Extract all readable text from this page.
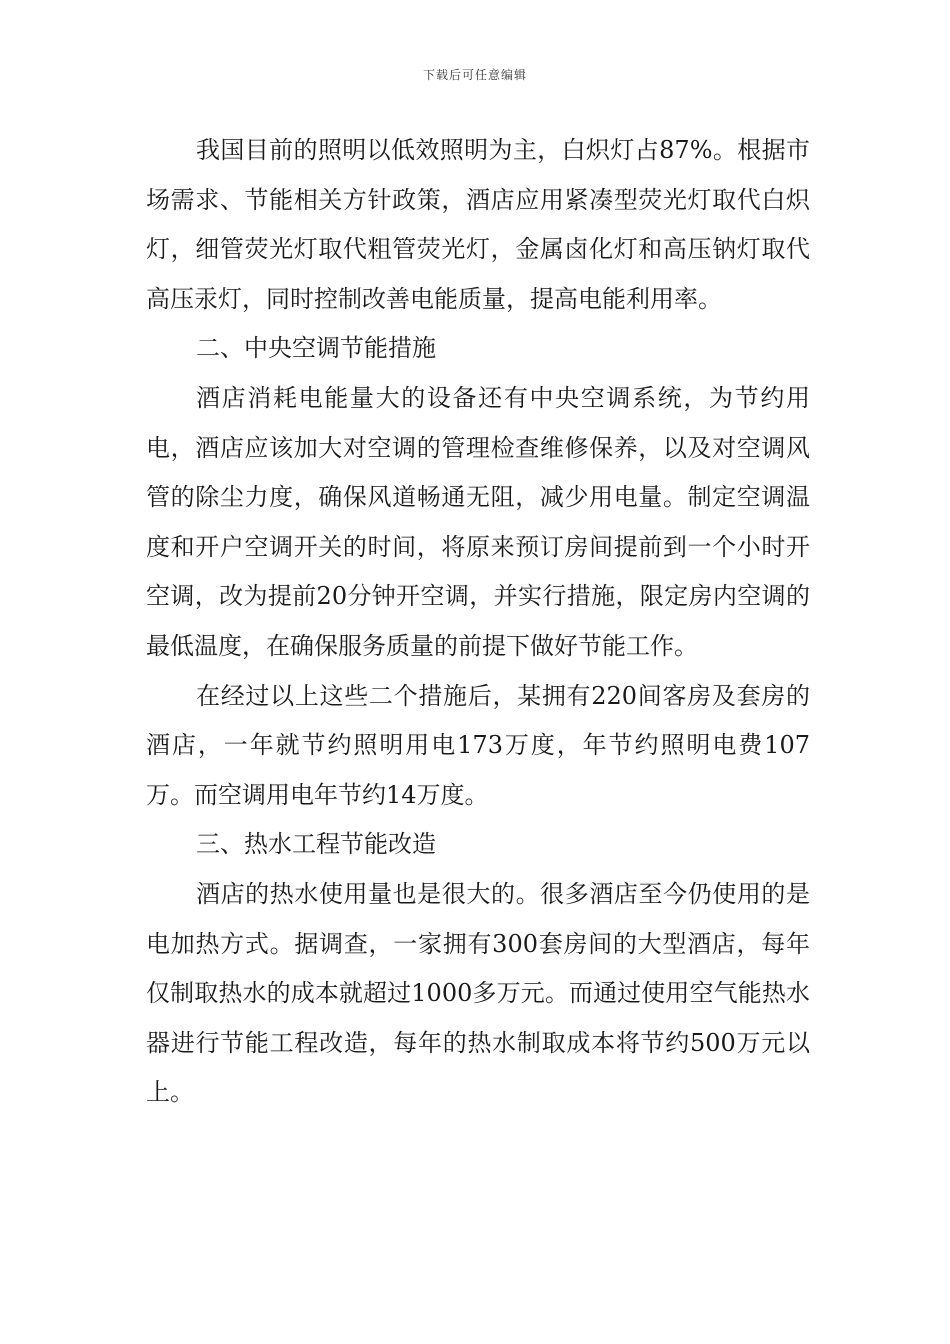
下载后可任意编辑

我国目前的照明以低效照明为主，白炽灯占87%。根据市场需求、节能相关方针政策，酒店应用紧凑型荧光灯取代白炽灯，细管荧光灯取代粗管荧光灯，金属卤化灯和高压钠灯取代高压汞灯，同时控制改善电能质量，提高电能利用率。

二、中央空调节能措施

酒店消耗电能量大的设备还有中央空调系统，为节约用电，酒店应该加大对空调的管理检查维修保养，以及对空调风管的除尘力度，确保风道畅通无阻，减少用电量。制定空调温度和开户空调开关的时间，将原来预订房间提前到一个小时开空调，改为提前20分钟开空调，并实行措施，限定房内空调的最低温度，在确保服务质量的前提下做好节能工作。

在经过以上这些二个措施后，某拥有220间客房及套房的酒店，一年就节约照明用电173万度，年节约照明电费107万。而空调用电年节约14万度。

三、热水工程节能改造

酒店的热水使用量也是很大的。很多酒店至今仍使用的是电加热方式。据调查，一家拥有300套房间的大型酒店，每年仅制取热水的成本就超过1000多万元。而通过使用空气能热水器进行节能工程改造，每年的热水制取成本将节约500万元以上。
